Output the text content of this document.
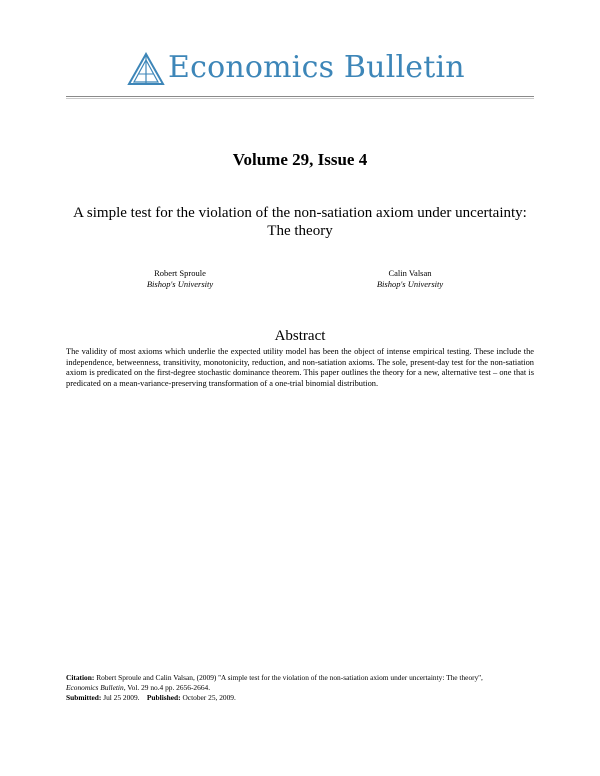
Economics Bulletin
Volume 29, Issue 4
A simple test for the violation of the non-satiation axiom under uncertainty:
The theory
Robert Sproule
Bishop's University
Calin Valsan
Bishop's University
Abstract
The validity of most axioms which underlie the expected utility model has been the object of intense empirical testing. These include the independence, betweenness, transitivity, monotonicity, reduction, and non-satiation axioms. The sole, present-day test for the non-satiation axiom is predicated on the first-degree stochastic dominance theorem. This paper outlines the theory for a new, alternative test – one that is predicated on a mean-variance-preserving transformation of a one-trial binomial distribution.
Citation: Robert Sproule and Calin Valsan, (2009) ''A simple test for the violation of the non-satiation axiom under uncertainty: The theory'',
Economics Bulletin, Vol. 29 no.4 pp. 2656-2664.
Submitted: Jul 25 2009. Published: October 25, 2009.
